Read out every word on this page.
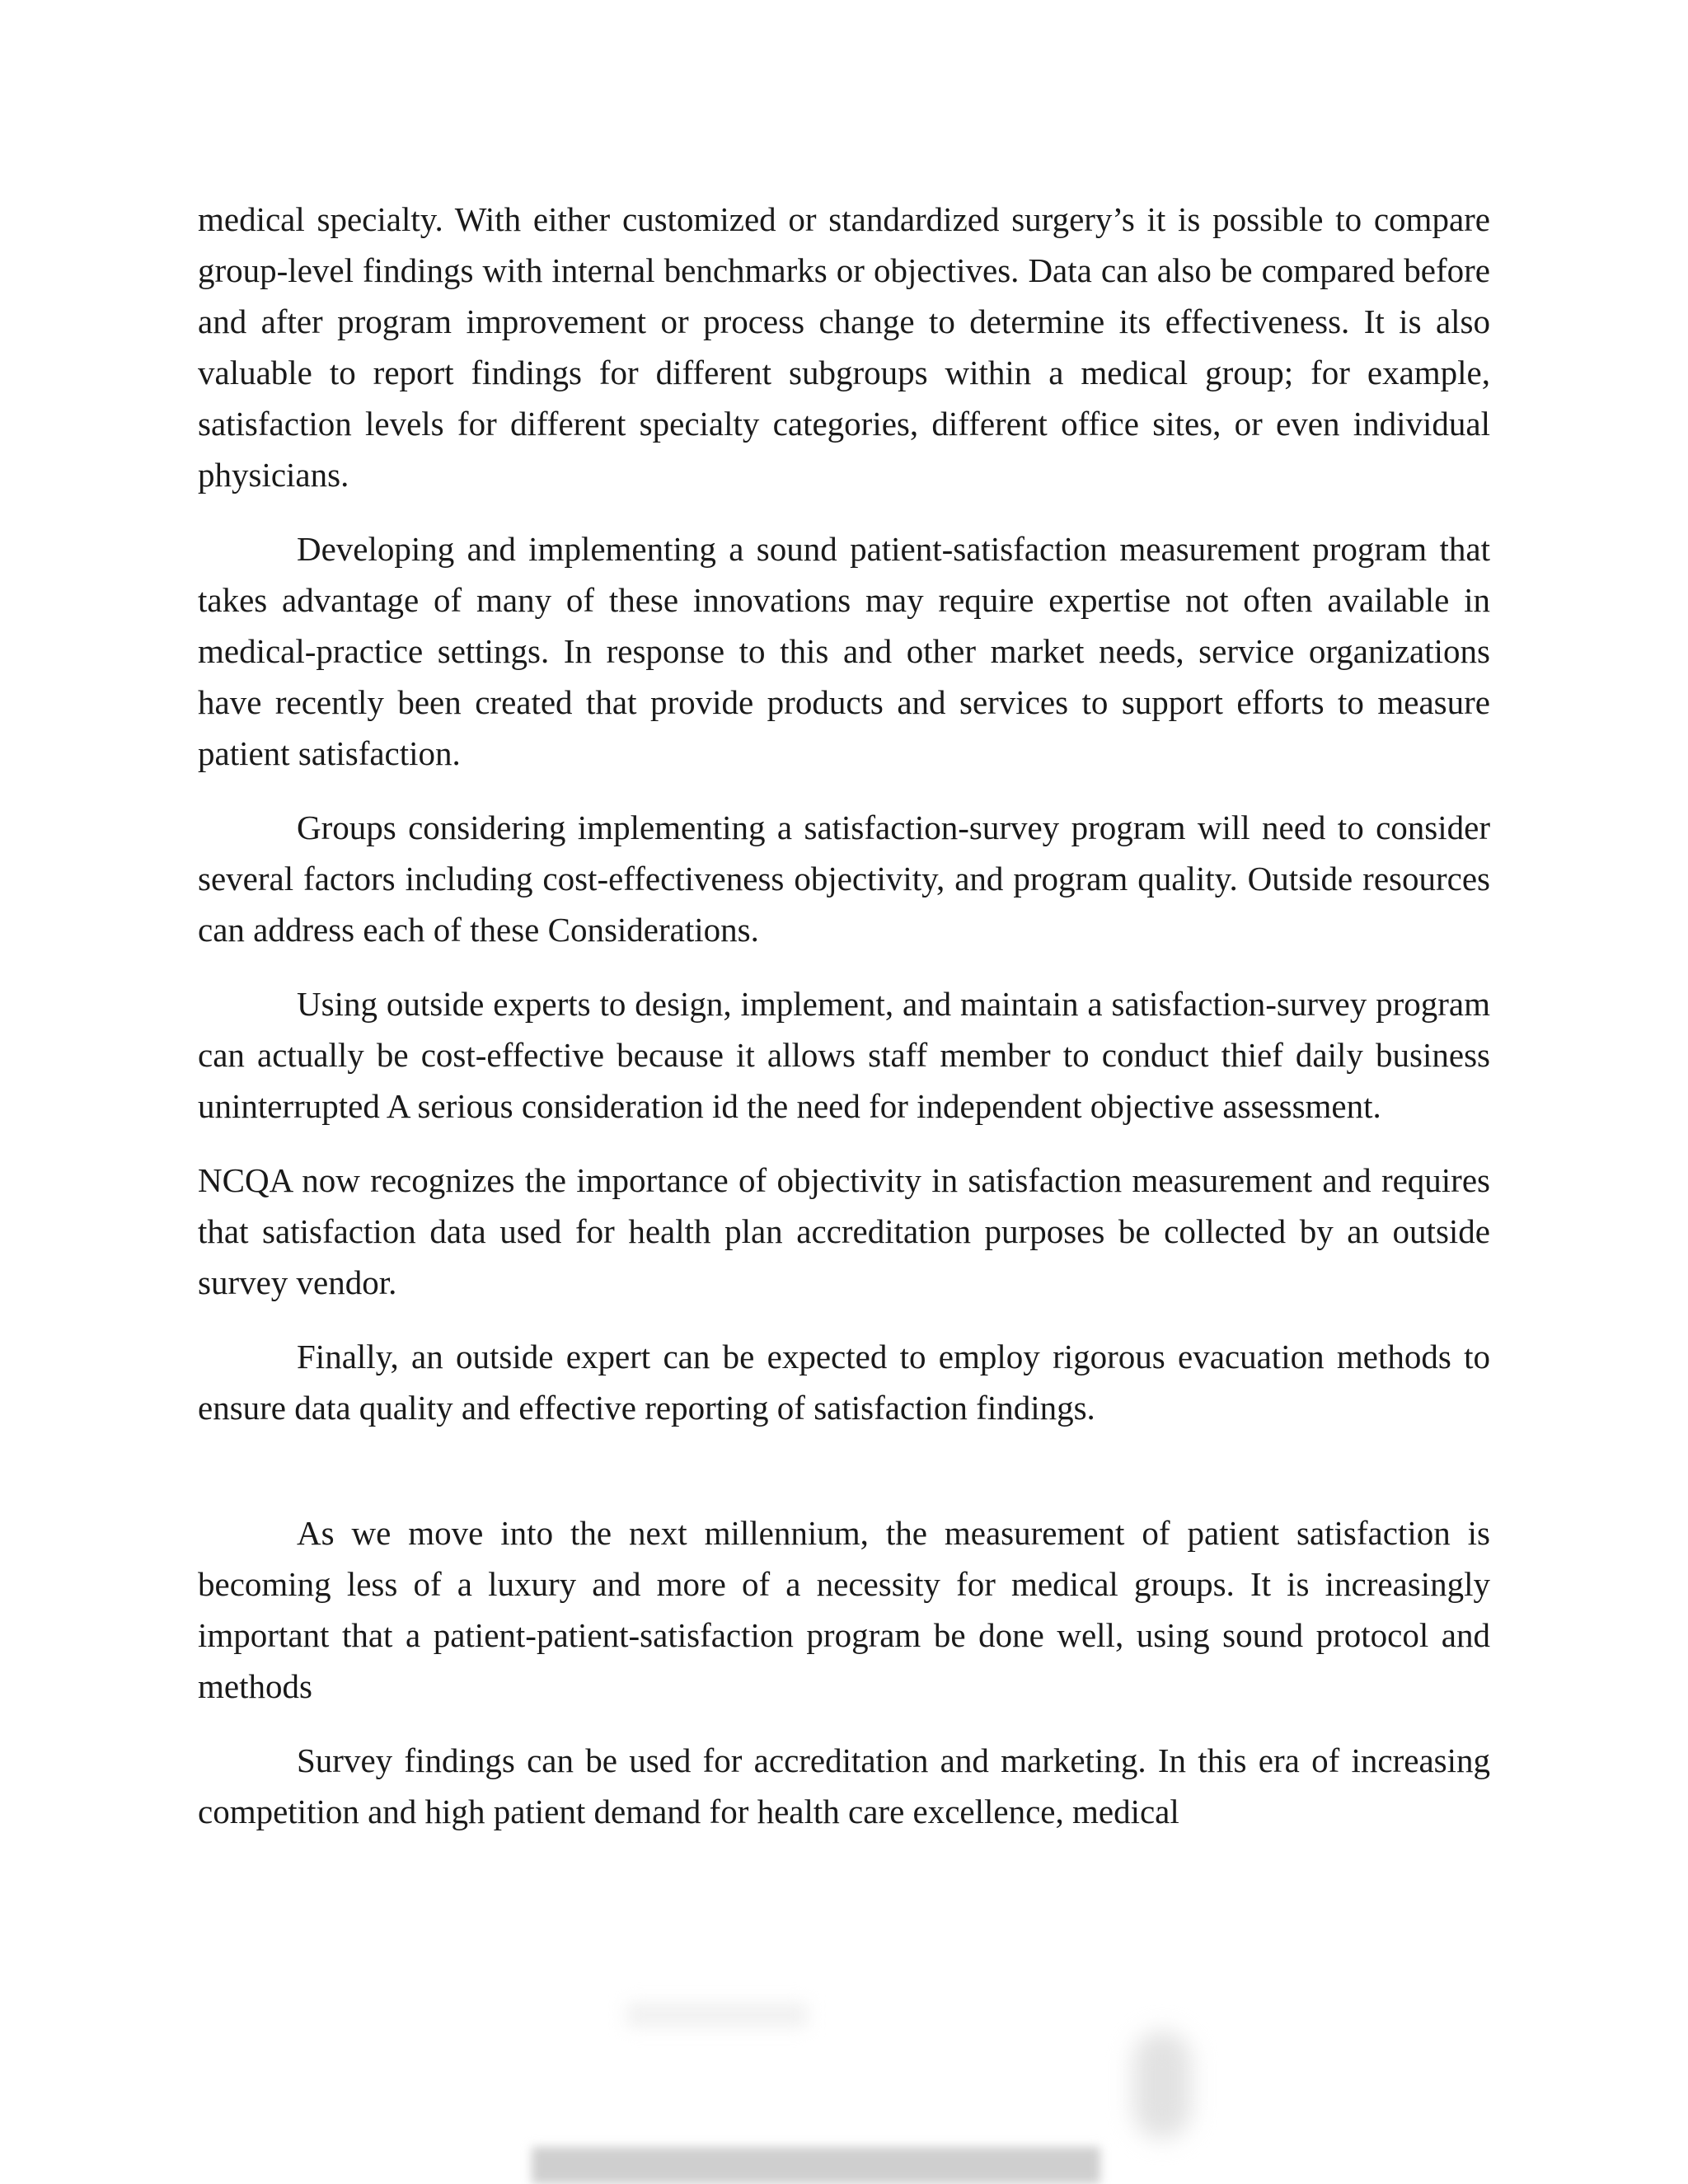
medical specialty. With either customized or standardized surgery’s it is possible to compare group-level findings with internal benchmarks or objectives. Data can also be compared before and after program improvement or process change to determine its effectiveness. It is also valuable to report findings for different subgroups within a medical group; for example, satisfaction levels for different specialty categories, different office sites, or even individual physicians.

Developing and implementing a sound patient-satisfaction measurement program that takes advantage of many of these innovations may require expertise not often available in medical-practice settings. In response to this and other market needs, service organizations have recently been created that provide products and services to support efforts to measure patient satisfaction.

Groups considering implementing a satisfaction-survey program will need to consider several factors including cost-effectiveness objectivity, and program quality. Outside resources can address each of these Considerations.

Using outside experts to design, implement, and maintain a satisfaction-survey program can actually be cost-effective because it allows staff member to conduct thief daily business uninterrupted A serious consideration id the need for independent objective assessment.

NCQA now recognizes the importance of objectivity in satisfaction measurement and requires that satisfaction data used for health plan accreditation purposes be collected by an outside survey vendor.

Finally, an outside expert can be expected to employ rigorous evacuation methods to ensure data quality and effective reporting of satisfaction findings.

As we move into the next millennium, the measurement of patient satisfaction is becoming less of a luxury and more of a necessity for medical groups. It is increasingly important that a patient-patient-satisfaction program be done well, using sound protocol and methods

Survey findings can be used for accreditation and marketing. In this era of increasing competition and high patient demand for health care excellence, medical
